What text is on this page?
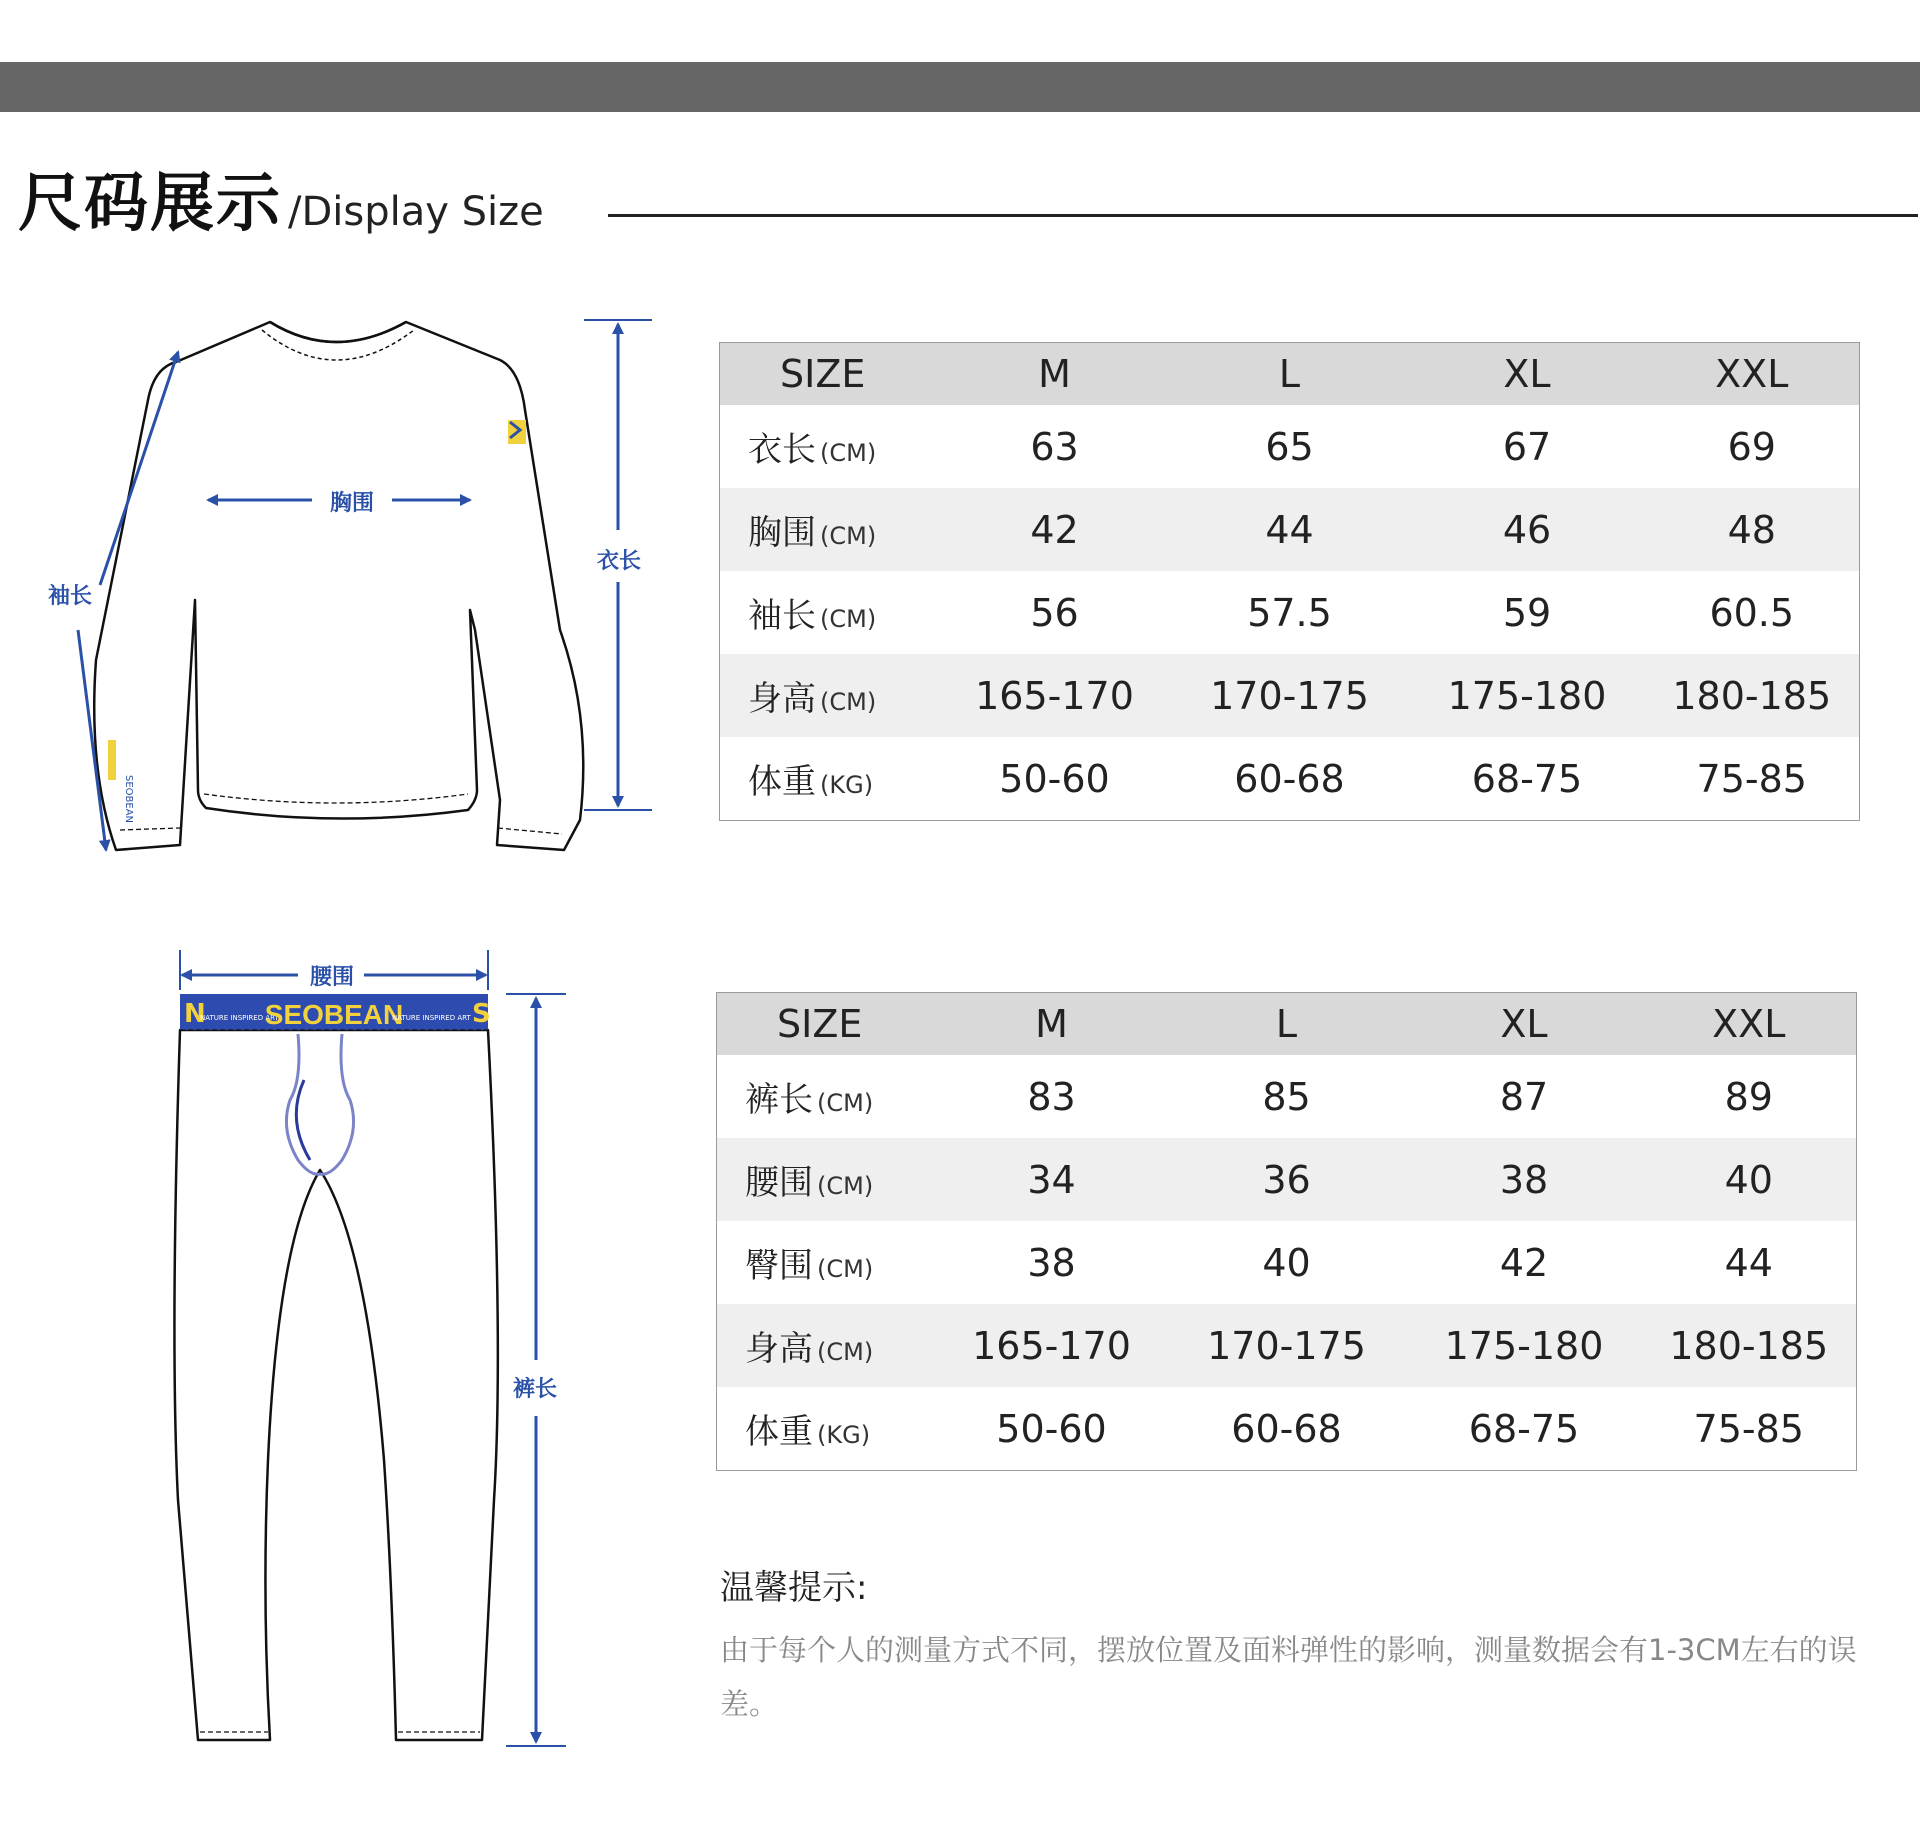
尺码展示 /Display Size
SEOBEAN
胸围
衣长
袖长
SIZE	M	L	XL	XXL
衣长 (CM)	63	65	67	69
胸围 (CM)	42	44	46	48
袖长 (CM)	56	57.5	59	60.5
身高 (CM)	165-170	170-175	175-180	180-185
体重 (KG)	50-60	60-68	68-75	75-85
腰围
N
NATURE INSPIRED ART
SEOBEAN
NATURE INSPIRED ART S
裤长
SIZE	M	L	XL	XXL
裤长 (CM)	83	85	87	89
腰围 (CM)	34	36	38	40
臀围 (CM)	38	40	42	44
身高 (CM)	165-170	170-175	175-180	180-185
体重 (KG)	50-60	60-68	68-75	75-85
温馨提示:
由于每个人的测量方式不同，摆放位置及面料弹性的影响，测量数据会有1-3CM左右的误差。
